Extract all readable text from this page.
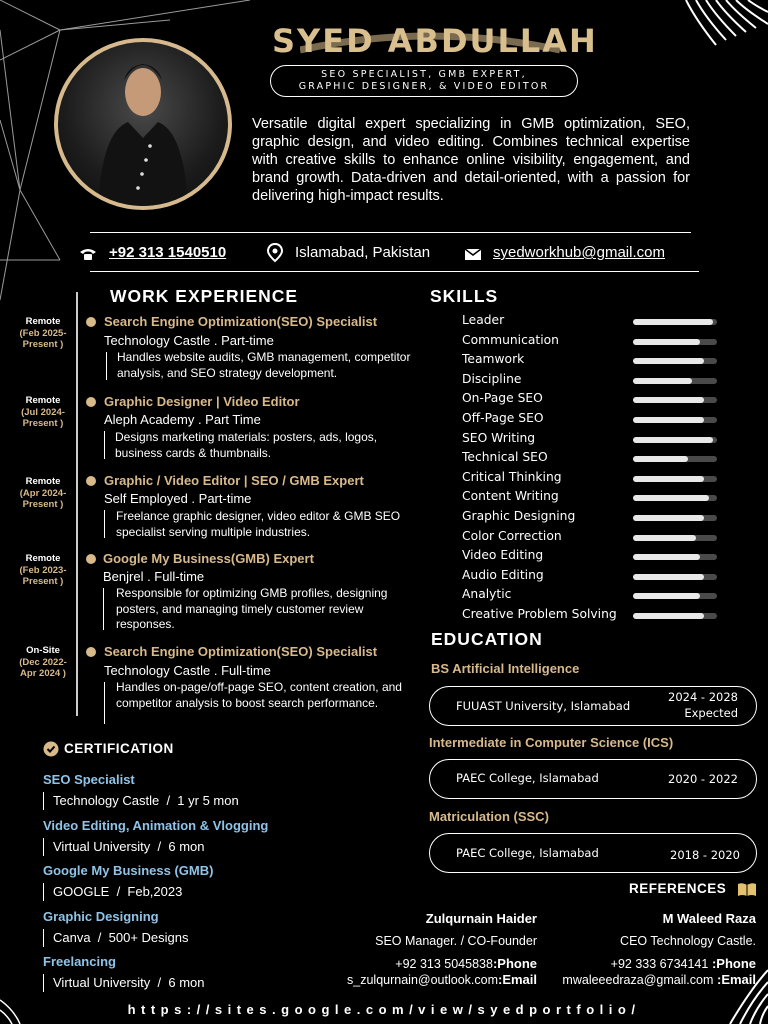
SYED ABDULLAH
SEO SPECIALIST, GMB EXPERT,
GRAPHIC DESIGNER, & VIDEO EDITOR
Versatile digital expert specializing in GMB optimization, SEO, graphic design, and video editing. Combines technical expertise with creative skills to enhance online visibility, engagement, and brand growth. Data-driven and detail-oriented, with a passion for delivering high-impact results.
+92 313 1540510	Islamabad, Pakistan	syedworkhub@gmail.com
WORK EXPERIENCE
Remote
(Feb 2025-
Present )
Search Engine Optimization(SEO) Specialist
Technology Castle . Part-time
Handles website audits, GMB management, competitor analysis, and SEO strategy development.
Remote
(Jul 2024-
Present )
Graphic Designer | Video Editor
Aleph Academy . Part Time
Designs marketing materials: posters, ads, logos, business cards & thumbnails.
Remote
(Apr 2024-
Present )
Graphic / Video Editor | SEO / GMB Expert
Self Employed . Part-time
Freelance graphic designer, video editor & GMB SEO specialist serving multiple industries.
Remote
(Feb 2023-
Present )
Google My Business(GMB) Expert
Benjrel . Full-time
Responsible for optimizing GMB profiles, designing posters, and managing timely customer review responses.
On-Site
(Dec 2022-
Apr 2024 )
Search Engine Optimization(SEO) Specialist
Technology Castle . Full-time
Handles on-page/off-page SEO, content creation, and competitor analysis to boost search performance.
SKILLS
Leader
Communication
Teamwork
Discipline
On-Page SEO
Off-Page SEO
SEO Writing
Technical SEO
Critical Thinking
Content Writing
Graphic Designing
Color Correction
Video Editing
Audio Editing
Analytic
Creative Problem Solving
EDUCATION
BS Artificial Intelligence
FUUAST University, Islamabad
2024 - 2028
Expected
Intermediate in Computer Science (ICS)
PAEC College, Islamabad	2020 - 2022
Matriculation (SSC)
PAEC College, Islamabad	2018 - 2020
CERTIFICATION
SEO Specialist
Technology Castle  /  1 yr 5 mon
Video Editing, Animation & Vlogging
Virtual University  /  6 mon
Google My Business (GMB)
GOOGLE  /  Feb,2023
Graphic Designing
Canva  /  500+ Designs
Freelancing
Virtual University  /  6 mon
REFERENCES
Zulqurnain Haider
SEO Manager. / CO-Founder
+92 313 5045838:Phone
s_zulqurnain@outlook.com:Email
M Waleed Raza
CEO Technology Castle.
+92 333 6734141 :Phone
mwaleeedraza@gmail.com :Email
https://sites.google.com/view/syedportfolio/
